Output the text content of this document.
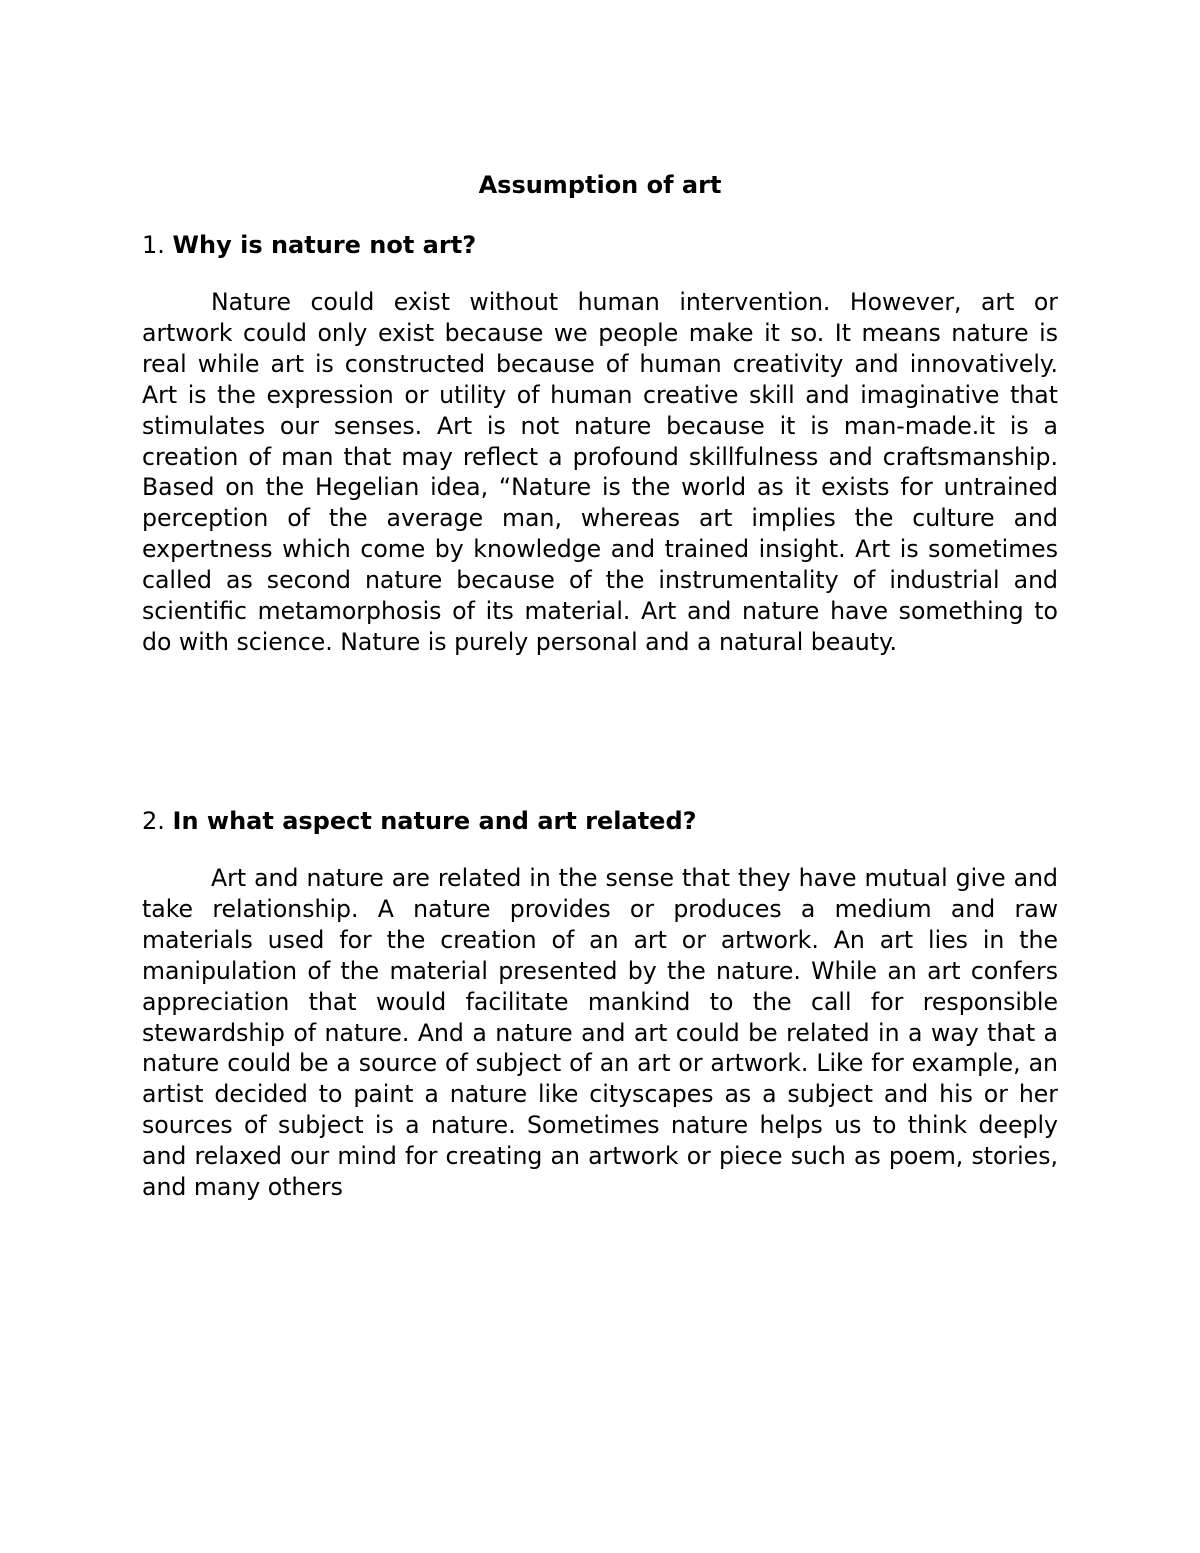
Assumption of art

1. Why is nature not art?

Nature could exist without human intervention. However, art or artwork could only exist because we people make it so. It means nature is real while art is constructed because of human creativity and innovatively. Art is the expression or utility of human creative skill and imaginative that stimulates our senses. Art is not nature because it is man-made.it is a creation of man that may reflect a profound skillfulness and craftsmanship. Based on the Hegelian idea, “Nature is the world as it exists for untrained perception of the average man, whereas art implies the culture and expertness which come by knowledge and trained insight. Art is sometimes called as second nature because of the instrumentality of industrial and scientific metamorphosis of its material. Art and nature have something to do with science. Nature is purely personal and a natural beauty.

2. In what aspect nature and art related?

Art and nature are related in the sense that they have mutual give and take relationship. A nature provides or produces a medium and raw materials used for the creation of an art or artwork. An art lies in the manipulation of the material presented by the nature. While an art confers appreciation that would facilitate mankind to the call for responsible stewardship of nature. And a nature and art could be related in a way that a nature could be a source of subject of an art or artwork. Like for example, an artist decided to paint a nature like cityscapes as a subject and his or her sources of subject is a nature. Sometimes nature helps us to think deeply and relaxed our mind for creating an artwork or piece such as poem, stories, and many others
